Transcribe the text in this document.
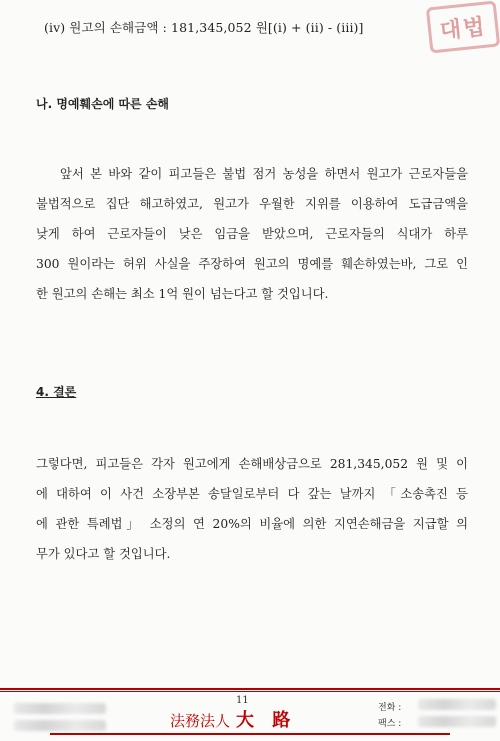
대법
(iv) 원고의 손해금액 : 181,345,052 원[(i) + (ii) - (iii)]
나. 명예훼손에 따른 손해
앞서 본 바와 같이 피고들은 불법 점거 농성을 하면서 원고가 근로자들을
불법적으로 집단 해고하였고, 원고가 우월한 지위를 이용하여 도급금액을
낮게 하여 근로자들이 낮은 임금을 받았으며, 근로자들의 식대가 하루
300 원이라는 허위 사실을 주장하여 원고의 명예를 훼손하였는바, 그로 인
한 원고의 손해는 최소 1억 원이 넘는다고 할 것입니다.
4. 결론
그렇다면, 피고들은 각자 원고에게 손해배상금으로 281,345,052 원 및 이
에 대하여 이 사건 소장부본 송달일로부터 다 갚는 날까지 「소송촉진 등
에 관한 특례법」 소정의 연 20%의 비율에 의한 지연손해금을 지급할 의
무가 있다고 할 것입니다.
11
法務法人 大 路
전화 :
팩스 :
